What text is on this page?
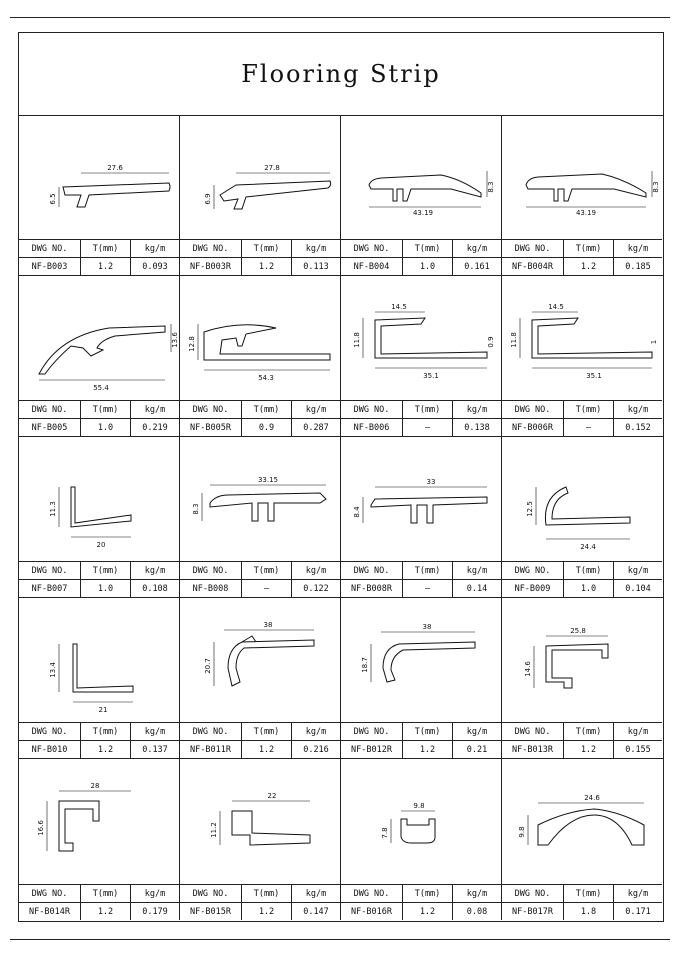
Flooring Strip
27.6
6.5
DWG NO.	T(mm)	kg/m
NF-B003	1.2	0.093
27.8
6.9
DWG NO.	T(mm)	kg/m
NF-B003R	1.2	0.113
43.19
8.3
DWG NO.	T(mm)	kg/m
NF-B004	1.0	0.161
43.19
8.3
DWG NO.	T(mm)	kg/m
NF-B004R	1.2	0.185
55.4
13.6
DWG NO.	T(mm)	kg/m
NF-B005	1.0	0.219
54.3
12.8
DWG NO.	T(mm)	kg/m
NF-B005R	0.9	0.287
14.5
35.1
11.8	0.9
DWG NO.	T(mm)	kg/m
NF-B006	–	0.138
14.5
35.1
11.8	1
DWG NO.	T(mm)	kg/m
NF-B006R	–	0.152
20
11.3
DWG NO.	T(mm)	kg/m
NF-B007	1.0	0.108
33.15
8.3
DWG NO.	T(mm)	kg/m
NF-B008	–	0.122
33
8.4
DWG NO.	T(mm)	kg/m
NF-B008R	–	0.14
24.4
12.5
DWG NO.	T(mm)	kg/m
NF-B009	1.0	0.104
21
13.4
DWG NO.	T(mm)	kg/m
NF-B010	1.2	0.137
38
20.7
DWG NO.	T(mm)	kg/m
NF-B011R	1.2	0.216
38
18.7
DWG NO.	T(mm)	kg/m
NF-B012R	1.2	0.21
25.8
14.6
DWG NO.	T(mm)	kg/m
NF-B013R	1.2	0.155
28
16.6
DWG NO.	T(mm)	kg/m
NF-B014R	1.2	0.179
22
11.2
DWG NO.	T(mm)	kg/m
NF-B015R	1.2	0.147
9.8
7.8
DWG NO.	T(mm)	kg/m
NF-B016R	1.2	0.08
24.6
9.8
DWG NO.	T(mm)	kg/m
NF-B017R	1.8	0.171
